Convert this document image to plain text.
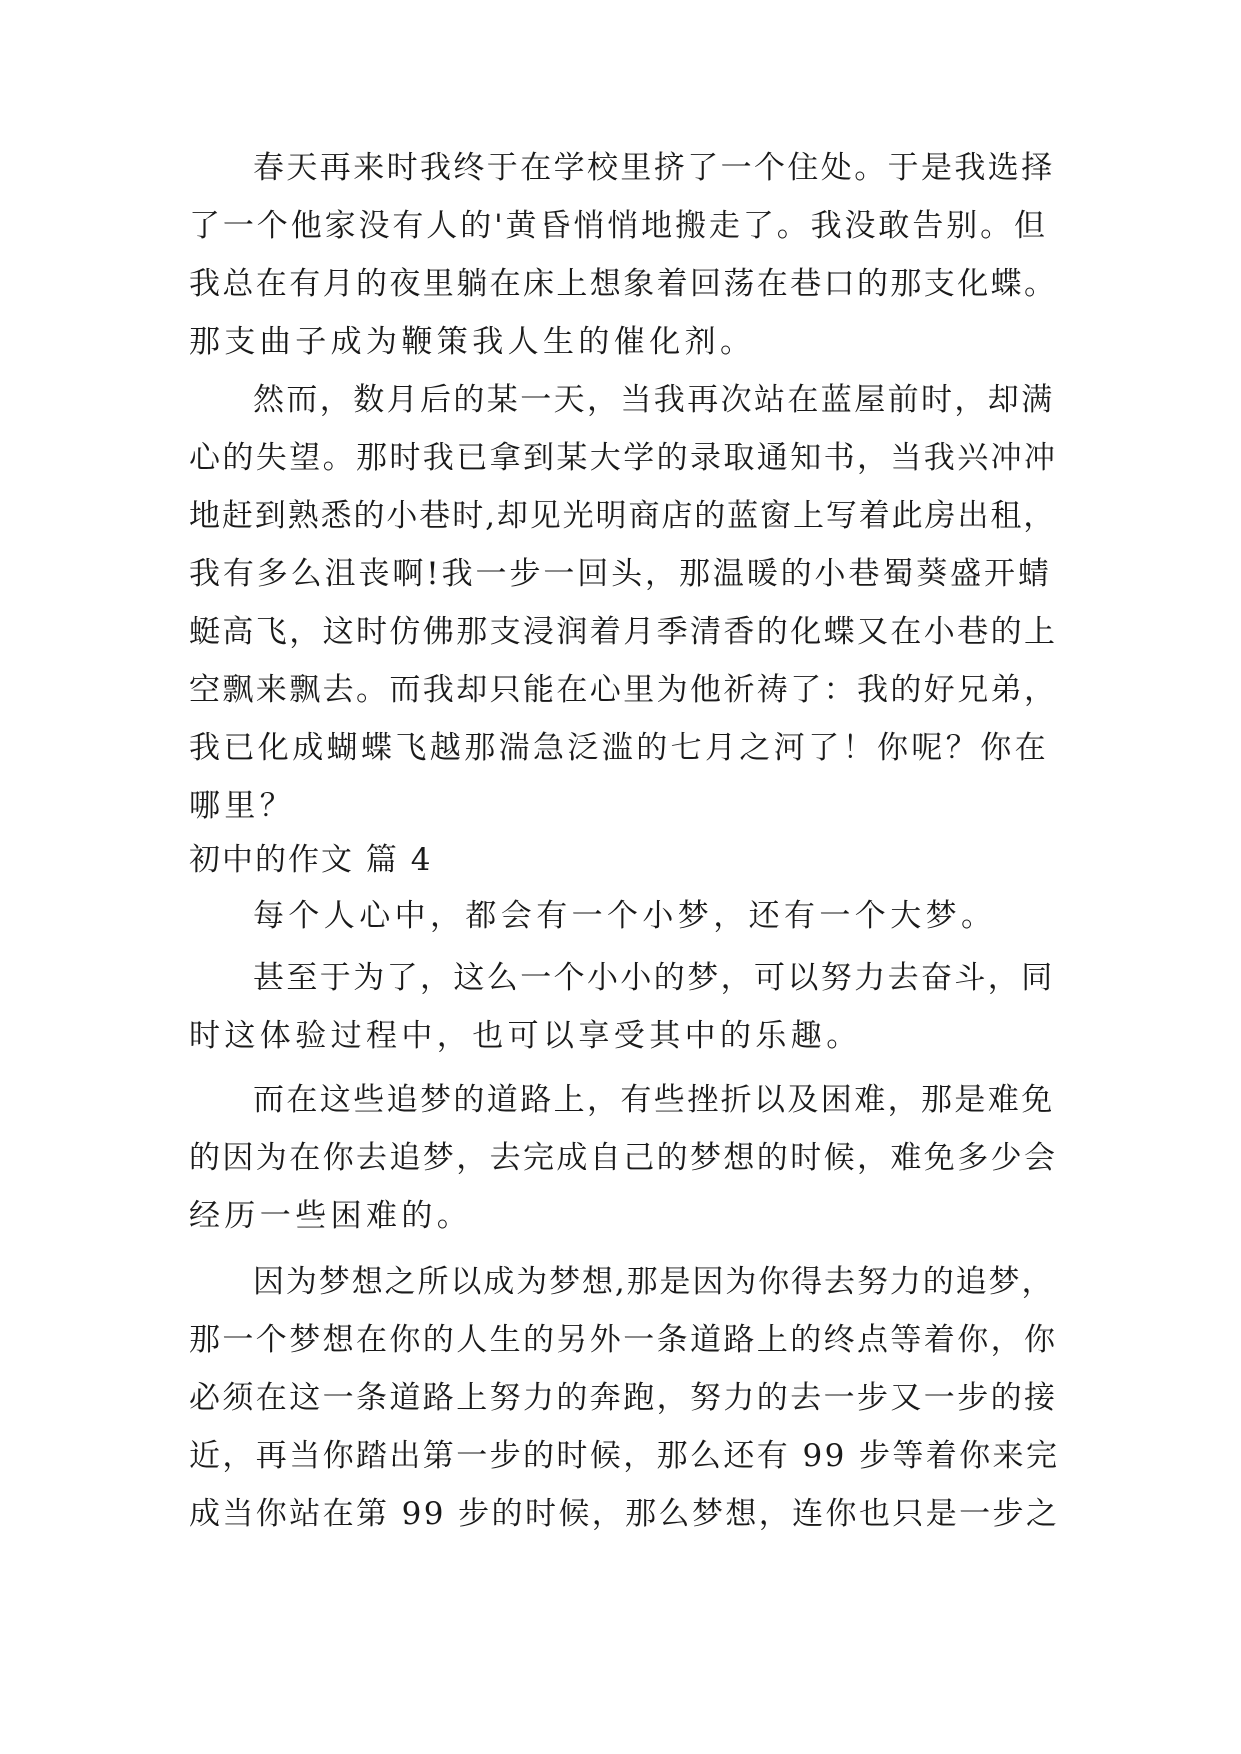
春天再来时我终于在学校里挤了一个住处。于是我选择
了一个他家没有人的'黄昏悄悄地搬走了。我没敢告别。但
我总在有月的夜里躺在床上想象着回荡在巷口的那支化蝶。
那支曲子成为鞭策我人生的催化剂。
然而，数月后的某一天，当我再次站在蓝屋前时，却满
心的失望。那时我已拿到某大学的录取通知书，当我兴冲冲
地赶到熟悉的小巷时,却见光明商店的蓝窗上写着此房出租，
我有多么沮丧啊!我一步一回头，那温暖的小巷蜀葵盛开蜻
蜓高飞，这时仿佛那支浸润着月季清香的化蝶又在小巷的上
空飘来飘去。而我却只能在心里为他祈祷了：我的好兄弟，
我已化成蝴蝶飞越那湍急泛滥的七月之河了！你呢？你在
哪里？
初中的作文 篇 4
每个人心中，都会有一个小梦，还有一个大梦。
甚至于为了，这么一个小小的梦，可以努力去奋斗，同
时这体验过程中，也可以享受其中的乐趣。
而在这些追梦的道路上，有些挫折以及困难，那是难免
的因为在你去追梦，去完成自己的梦想的时候，难免多少会
经历一些困难的。
因为梦想之所以成为梦想,那是因为你得去努力的追梦，
那一个梦想在你的人生的另外一条道路上的终点等着你，你
必须在这一条道路上努力的奔跑，努力的去一步又一步的接
近，再当你踏出第一步的时候，那么还有 99 步等着你来完
成当你站在第 99 步的时候，那么梦想，连你也只是一步之
